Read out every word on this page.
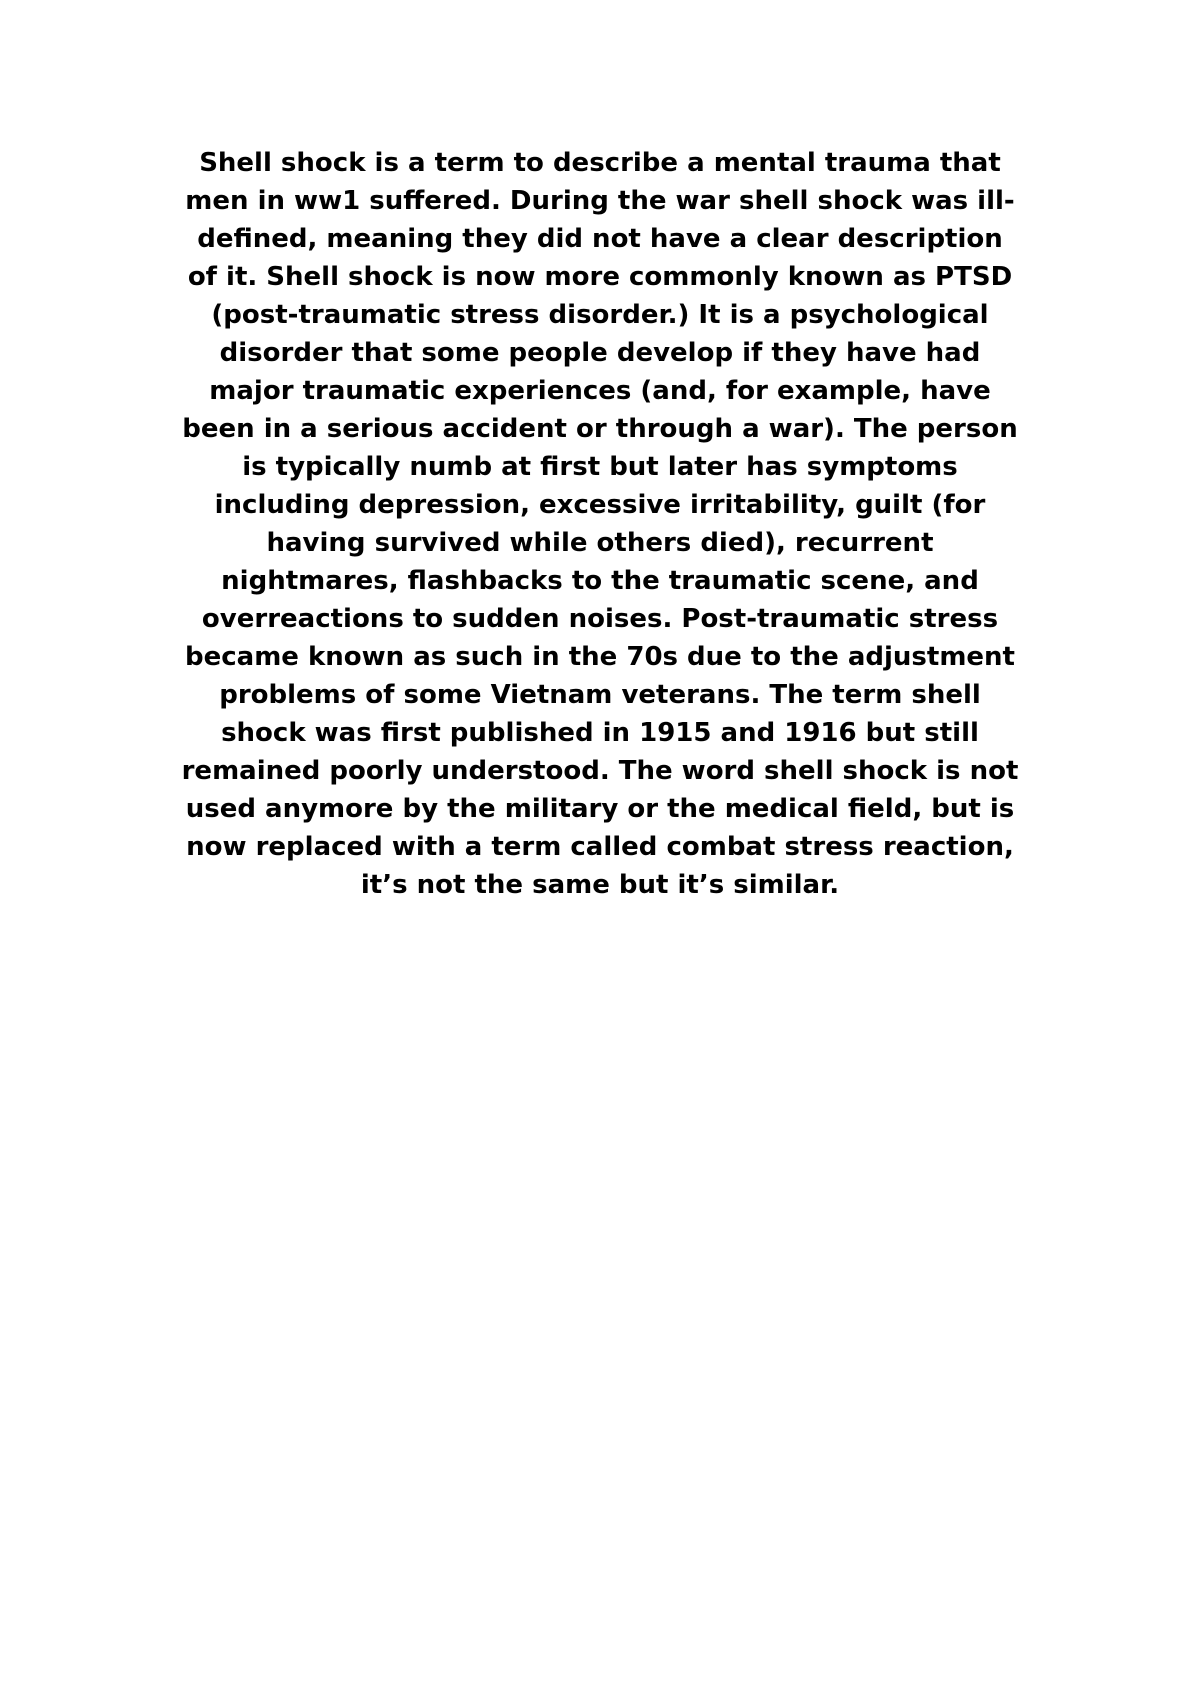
Shell shock is a term to describe a mental trauma that
men in ww1 suffered. During the war shell shock was ill-
defined, meaning they did not have a clear description
of it. Shell shock is now more commonly known as PTSD
(post-traumatic stress disorder.) It is a psychological
disorder that some people develop if they have had
major traumatic experiences (and, for example, have
been in a serious accident or through a war). The person
is typically numb at first but later has symptoms
including depression, excessive irritability, guilt (for
having survived while others died), recurrent
nightmares, flashbacks to the traumatic scene, and
overreactions to sudden noises. Post-traumatic stress
became known as such in the 70s due to the adjustment
problems of some Vietnam veterans. The term shell
shock was first published in 1915 and 1916 but still
remained poorly understood. The word shell shock is not
used anymore by the military or the medical field, but is
now replaced with a term called combat stress reaction,
it’s not the same but it’s similar.
